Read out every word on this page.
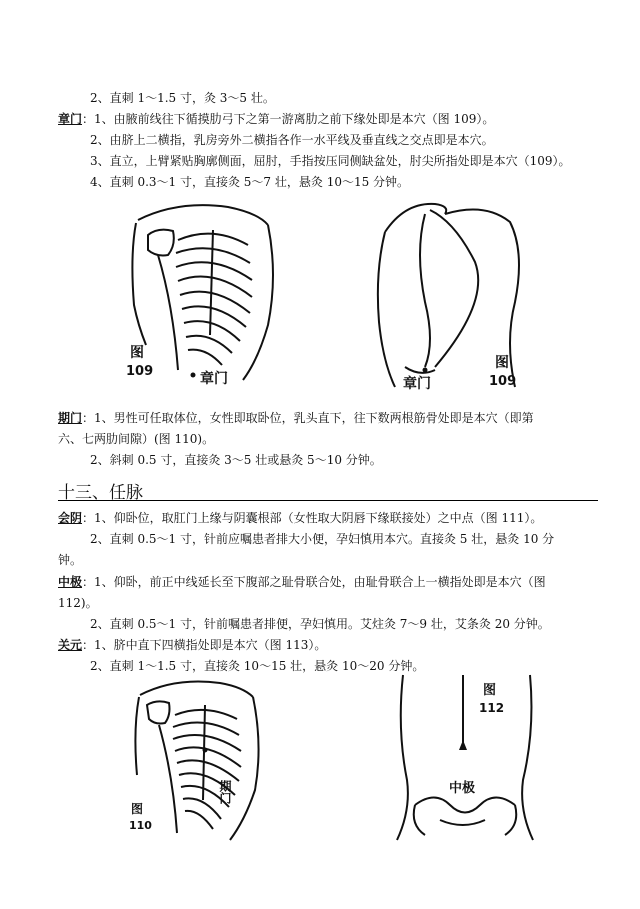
2、直刺 1～1.5 寸，灸 3～5 壮。
章门：1、由腋前线往下循摸肋弓下之第一游离肋之前下缘处即是本穴（图 109）。
2、由脐上二横指，乳房旁外二横指各作一水平线及垂直线之交点即是本穴。
3、直立，上臂紧贴胸廓侧面，屈肘，手指按压同侧缺盆处，肘尖所指处即是本穴（109）。
4、直刺 0.3～1 寸，直接灸 5～7 壮，悬灸 10～15 分钟。
图
109	章门	章门
图
109
期门：1、男性可任取体位，女性即取卧位，乳头直下，往下数两根筋骨处即是本穴（即第
六、七两肋间隙）(图 110)。
2、斜刺 0.5 寸，直接灸 3～5 壮或悬灸 5～10 分钟。
十三、任脉
会阴：1、仰卧位，取肛门上缘与阴囊根部（女性取大阴唇下缘联接处）之中点（图 111）。
2、直刺 0.5～1 寸，针前应嘱患者排大小便，孕妇慎用本穴。直接灸 5 壮，悬灸 10 分
钟。
中极：1、仰卧，前正中线延长至下腹部之耻骨联合处，由耻骨联合上一横指处即是本穴（图
112)。
2、直刺 0.5～1 寸，针前嘱患者排便，孕妇慎用。艾炷灸 7～9 壮，艾条灸 20 分钟。
关元：1、脐中直下四横指处即是本穴（图 113）。
2、直刺 1～1.5 寸，直接灸 10～15 壮，悬灸 10～20 分钟。
图
110
期门
图
112
中极
